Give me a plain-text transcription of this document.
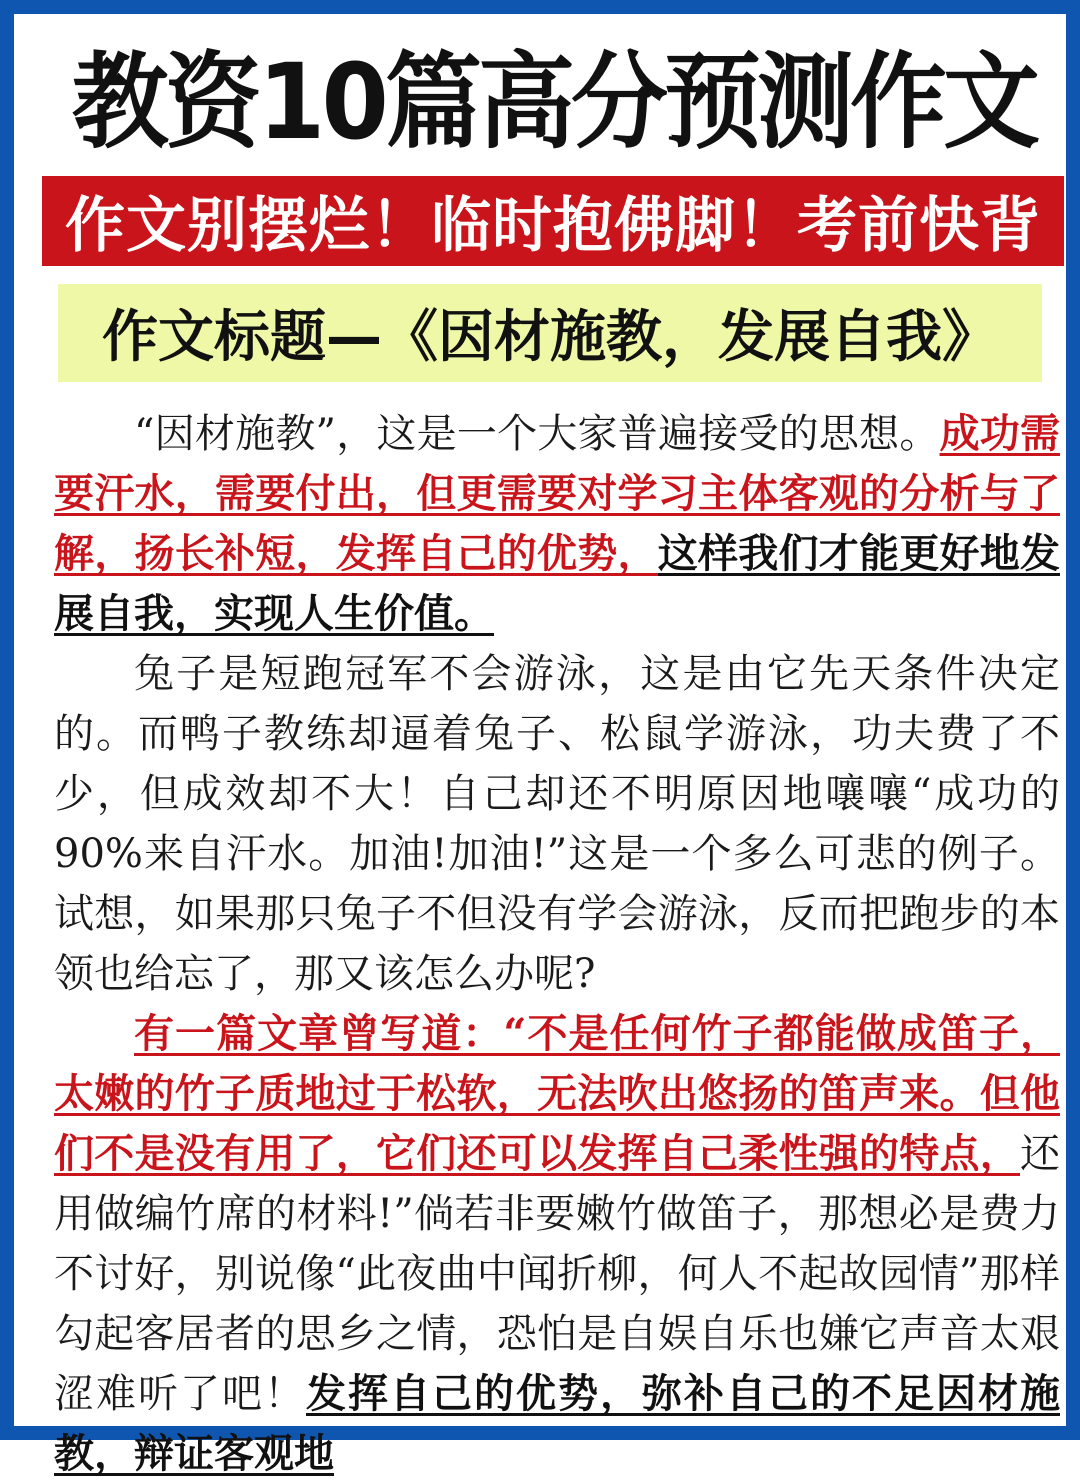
教资10篇高分预测作文
作文别摆烂！临时抱佛脚！考前快背
作文标题—《因材施教，发展自我》

“因材施教”，这是一个大家普遍接受的思想。成功需要汗水，需要付出，但更需要对学习主体客观的分析与了解，扬长补短，发挥自己的优势，这样我们才能更好地发展自我，实现人生价值。

兔子是短跑冠军不会游泳，这是由它先天条件决定的。而鸭子教练却逼着兔子、松鼠学游泳，功夫费了不少，但成效却不大！自己却还不明原因地嚷嚷“成功的90%来自汗水。加油!加油!”这是一个多么可悲的例子。试想，如果那只兔子不但没有学会游泳，反而把跑步的本领也给忘了，那又该怎么办呢?

有一篇文章曾写道：“不是任何竹子都能做成笛子，太嫩的竹子质地过于松软，无法吹出悠扬的笛声来。但他们不是没有用了，它们还可以发挥自己柔性强的特点，还用做编竹席的材料!”倘若非要嫩竹做笛子，那想必是费力不讨好，别说像“此夜曲中闻折柳，何人不起故园情”那样勾起客居者的思乡之情，恐怕是自娱自乐也嫌它声音太艰涩难听了吧！发挥自己的优势，弥补自己的不足因材施教，辩证客观地
